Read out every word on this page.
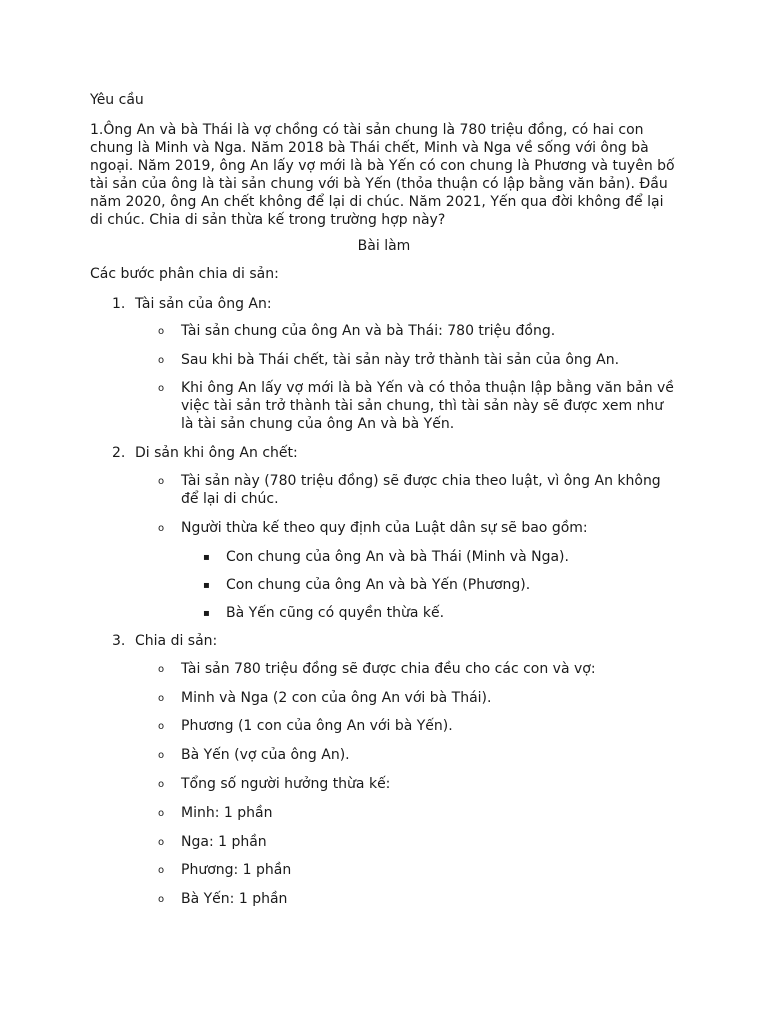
Yêu cầu

1.Ông An và bà Thái là vợ chồng có tài sản chung là 780 triệu đồng, có hai con chung là Minh và Nga. Năm 2018 bà Thái chết, Minh và Nga về sống với ông bà ngoại. Năm 2019, ông An lấy vợ mới là bà Yến có con chung là Phương và tuyên bố tài sản của ông là tài sản chung với bà Yến (thỏa thuận có lập bằng văn bản). Đầu năm 2020, ông An chết không để lại di chúc. Năm 2021, Yến qua đời không để lại di chúc. Chia di sản thừa kế trong trường hợp này?

Bài làm

Các bước phân chia di sản:

1. Tài sản của ông An:

o Tài sản chung của ông An và bà Thái: 780 triệu đồng.

o Sau khi bà Thái chết, tài sản này trở thành tài sản của ông An.

o Khi ông An lấy vợ mới là bà Yến và có thỏa thuận lập bằng văn bản về việc tài sản trở thành tài sản chung, thì tài sản này sẽ được xem như là tài sản chung của ông An và bà Yến.

2. Di sản khi ông An chết:

o Tài sản này (780 triệu đồng) sẽ được chia theo luật, vì ông An không để lại di chúc.

o Người thừa kế theo quy định của Luật dân sự sẽ bao gồm:

▪ Con chung của ông An và bà Thái (Minh và Nga).

▪ Con chung của ông An và bà Yến (Phương).

▪ Bà Yến cũng có quyền thừa kế.

3. Chia di sản:

o Tài sản 780 triệu đồng sẽ được chia đều cho các con và vợ:

o Minh và Nga (2 con của ông An với bà Thái).

o Phương (1 con của ông An với bà Yến).

o Bà Yến (vợ của ông An).

o Tổng số người hưởng thừa kế:

o Minh: 1 phần

o Nga: 1 phần

o Phương: 1 phần

o Bà Yến: 1 phần
